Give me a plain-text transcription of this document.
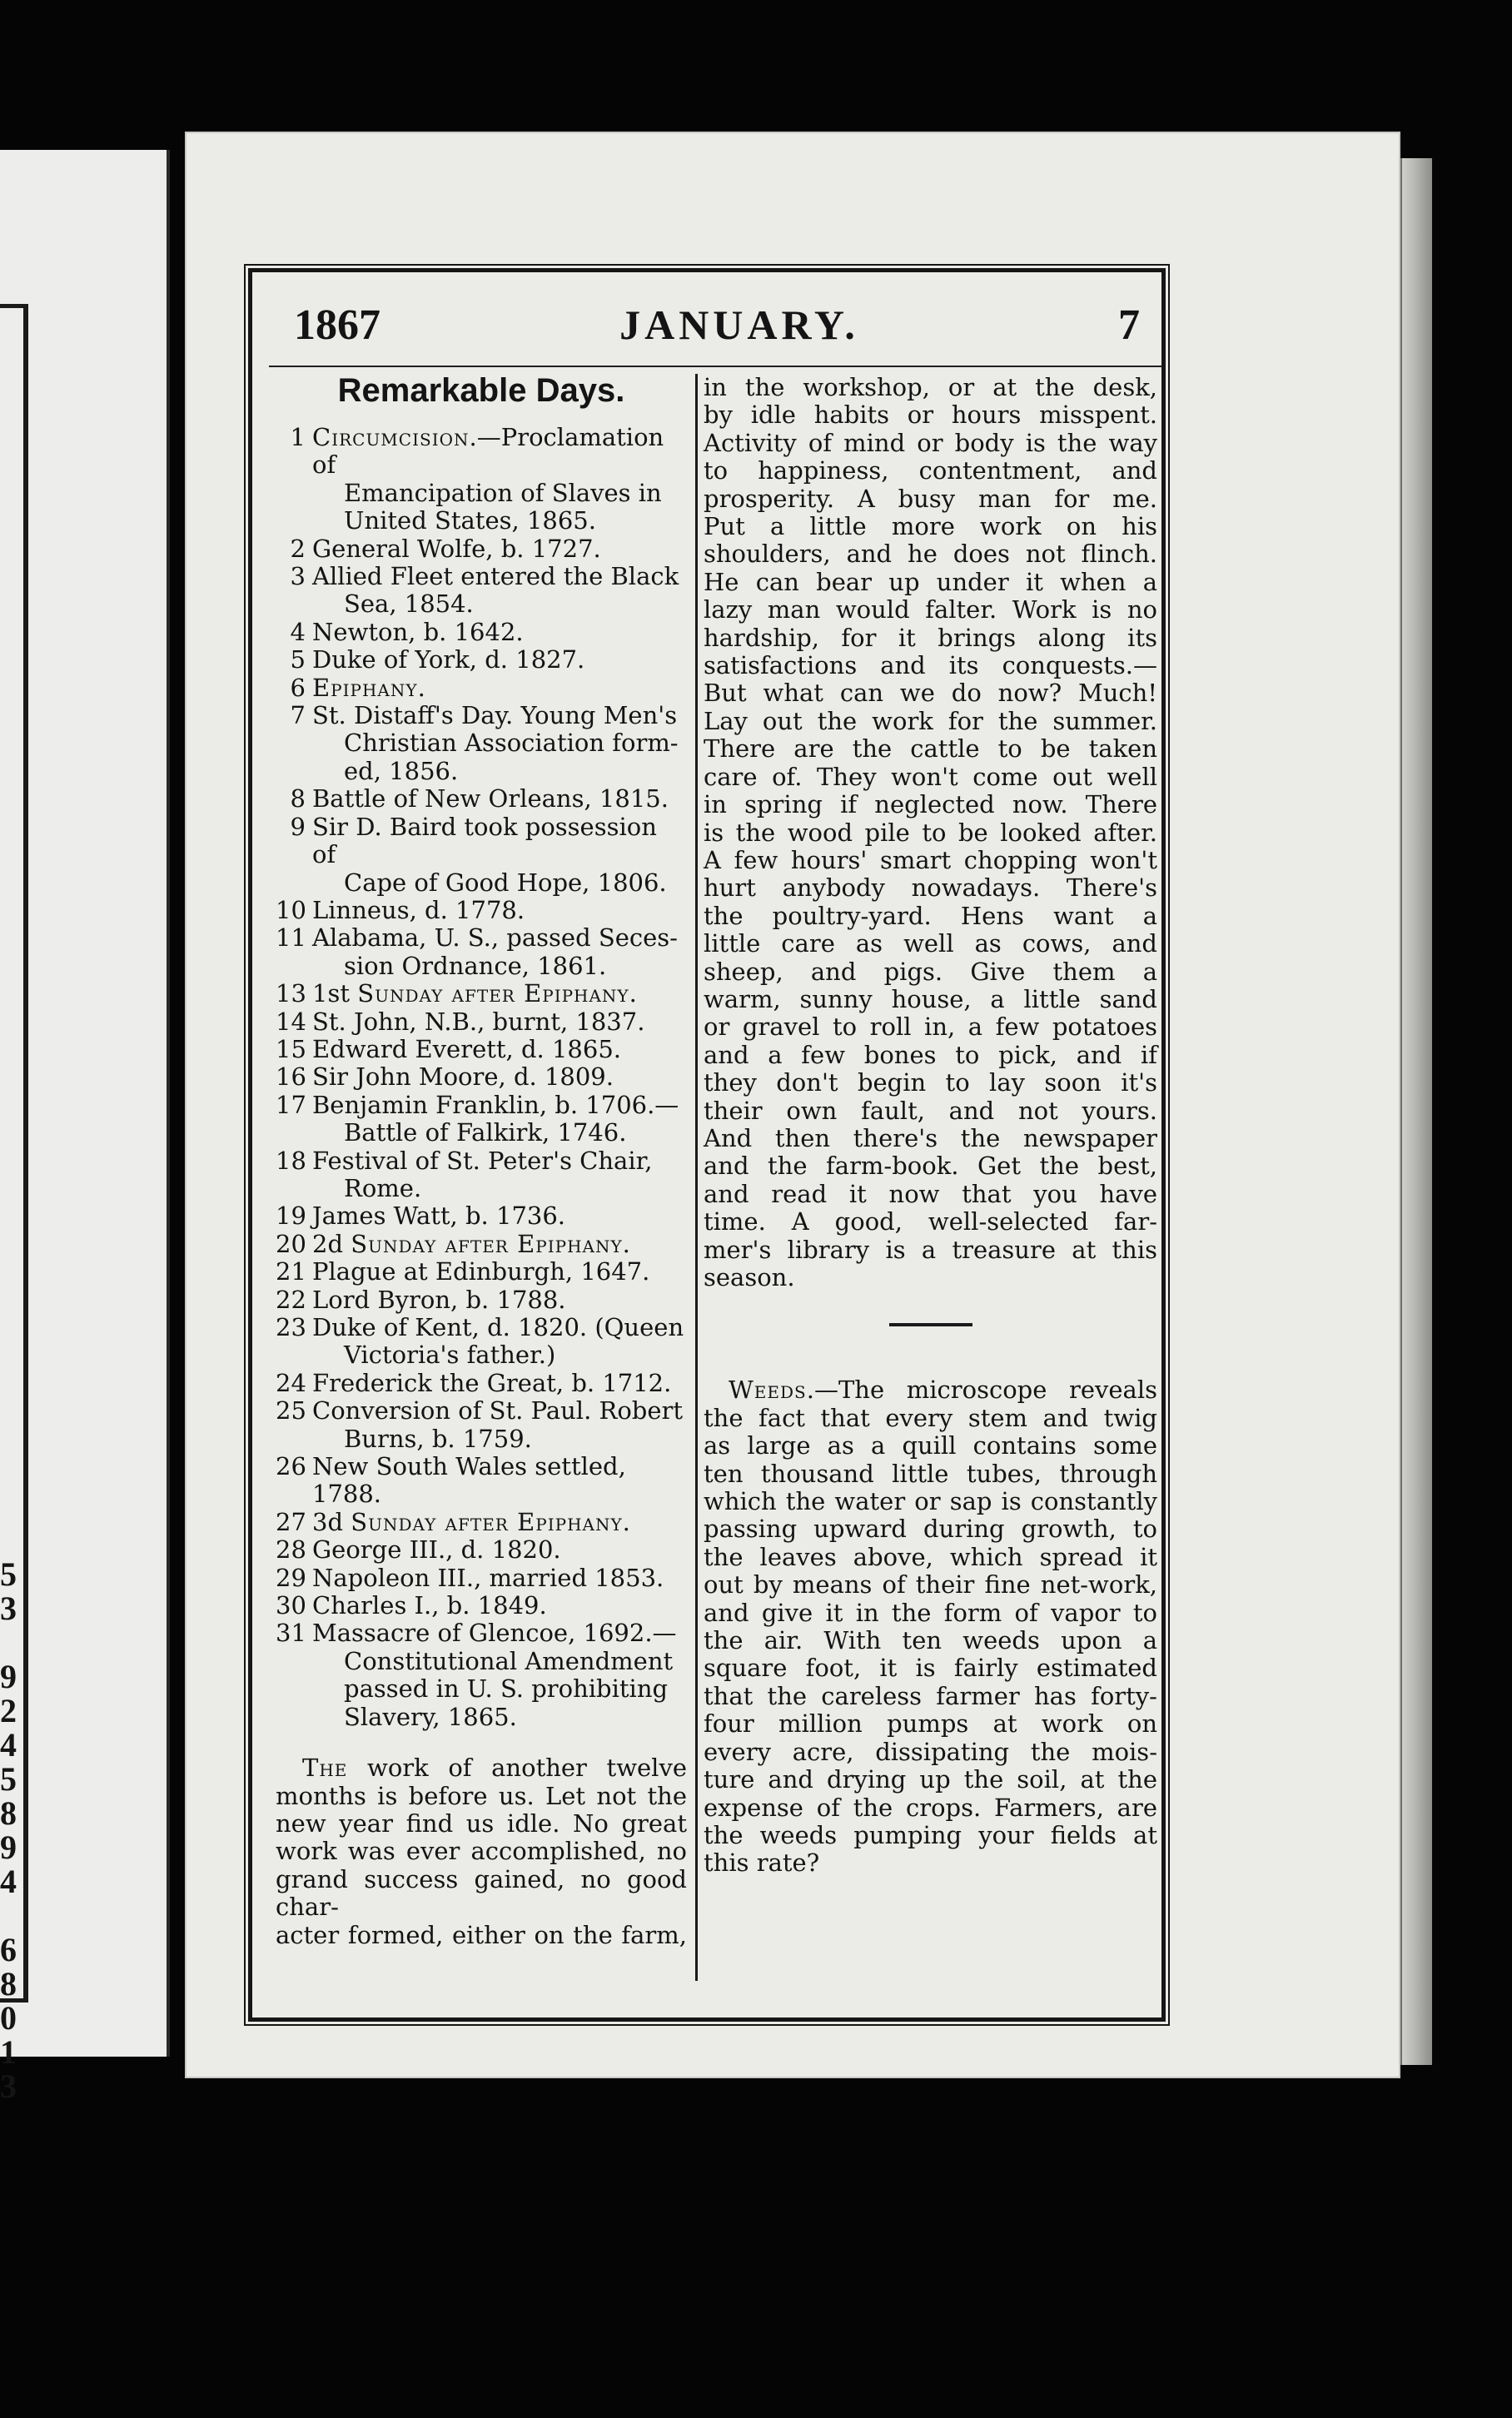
5
3
9
2
4
5
8
9
4
6
8
0
1
3
1867	JANUARY.	7
Remarkable Days.
1 Circumcision.—Proclamation of
Emancipation of Slaves in
United States, 1865.
2 General Wolfe, b. 1727.
3 Allied Fleet entered the Black
Sea, 1854.
4 Newton, b. 1642.
5 Duke of York, d. 1827.
6 Epiphany.
7 St. Distaff's Day. Young Men's
Christian Association form-
ed, 1856.
8 Battle of New Orleans, 1815.
9 Sir D. Baird took possession of
Cape of Good Hope, 1806.
10 Linneus, d. 1778.
11 Alabama, U. S., passed Seces-
sion Ordnance, 1861.
13 1st Sunday after Epiphany.
14 St. John, N.B., burnt, 1837.
15 Edward Everett, d. 1865.
16 Sir John Moore, d. 1809.
17 Benjamin Franklin, b. 1706.—
Battle of Falkirk, 1746.
18 Festival of St. Peter's Chair,
Rome.
19 James Watt, b. 1736.
20 2d Sunday after Epiphany.
21 Plague at Edinburgh, 1647.
22 Lord Byron, b. 1788.
23 Duke of Kent, d. 1820. (Queen
Victoria's father.)
24 Frederick the Great, b. 1712.
25 Conversion of St. Paul. Robert
Burns, b. 1759.
26 New South Wales settled, 1788.
27 3d Sunday after Epiphany.
28 George III., d. 1820.
29 Napoleon III., married 1853.
30 Charles I., b. 1849.
31 Massacre of Glencoe, 1692.—
Constitutional Amendment
passed in U. S. prohibiting
Slavery, 1865.
The work of another twelve
months is before us. Let not the
new year find us idle. No great
work was ever accomplished, no
grand success gained, no good char-
acter formed, either on the farm,
in the workshop, or at the desk,
by idle habits or hours misspent.
Activity of mind or body is the way
to happiness, contentment, and
prosperity. A busy man for me.
Put a little more work on his
shoulders, and he does not flinch.
He can bear up under it when a
lazy man would falter. Work is no
hardship, for it brings along its
satisfactions and its conquests.—
But what can we do now? Much!
Lay out the work for the summer.
There are the cattle to be taken
care of. They won't come out well
in spring if neglected now. There
is the wood pile to be looked after.
A few hours' smart chopping won't
hurt anybody nowadays. There's
the poultry-yard. Hens want a
little care as well as cows, and
sheep, and pigs. Give them a
warm, sunny house, a little sand
or gravel to roll in, a few potatoes
and a few bones to pick, and if
they don't begin to lay soon it's
their own fault, and not yours.
And then there's the newspaper
and the farm-book. Get the best,
and read it now that you have
time. A good, well-selected far-
mer's library is a treasure at this
season.
Weeds.—The microscope reveals
the fact that every stem and twig
as large as a quill contains some
ten thousand little tubes, through
which the water or sap is constantly
passing upward during growth, to
the leaves above, which spread it
out by means of their fine net-work,
and give it in the form of vapor to
the air. With ten weeds upon a
square foot, it is fairly estimated
that the careless farmer has forty-
four million pumps at work on
every acre, dissipating the mois-
ture and drying up the soil, at the
expense of the crops. Farmers, are
the weeds pumping your fields at
this rate?
